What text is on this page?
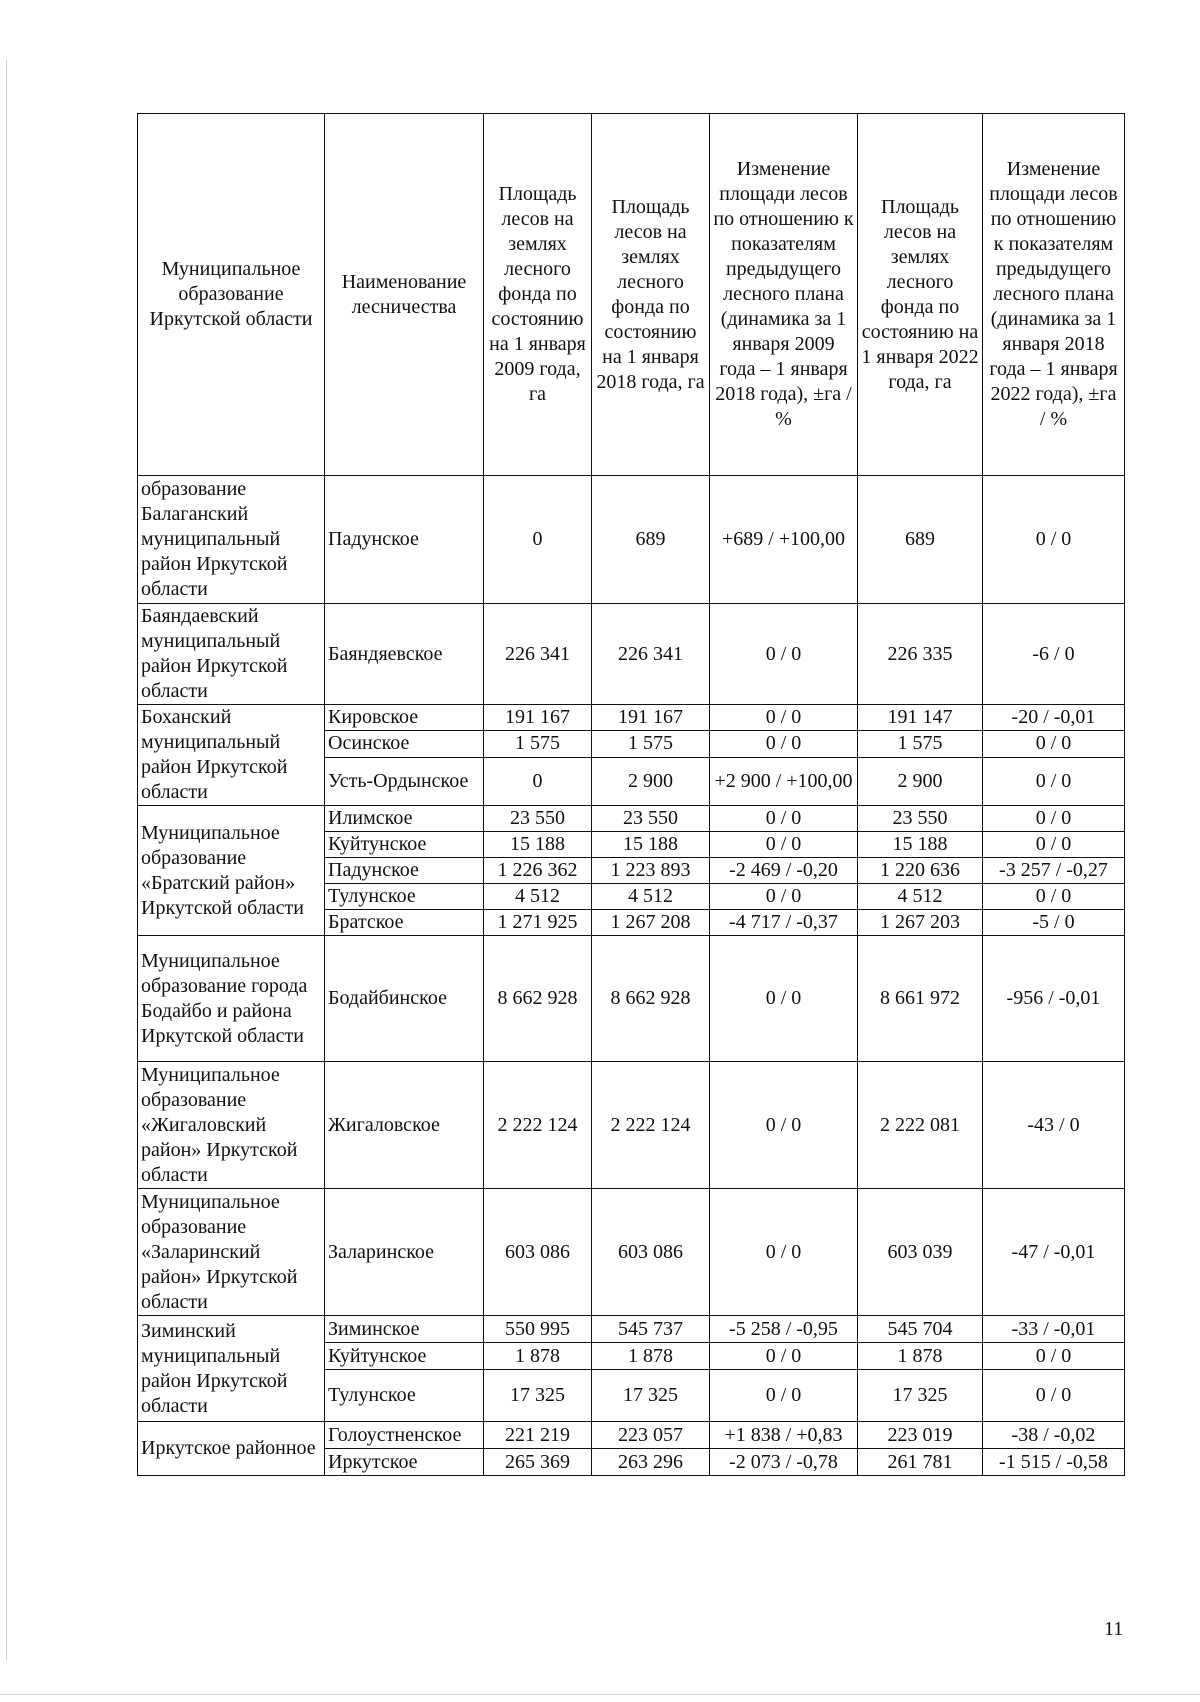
Муниципальное образование Иркутской области	Наименование лесничества	Площадь лесов на землях лесного фонда по состоянию на 1 января 2009 года, га	Площадь лесов на землях лесного фонда по состоянию на 1 января 2018 года, га	Изменение площади лесов по отношению к показателям предыдущего лесного плана (динамика за 1 января 2009 года – 1 января 2018 года), ±га / %	Площадь лесов на землях лесного фонда по состоянию на 1 января 2022 года, га	Изменение площади лесов по отношению к показателям предыдущего лесного плана (динамика за 1 января 2018 года – 1 января 2022 года), ±га / %
образование Балаганский муниципальный район Иркутской области	Падунское	0	689	+689 / +100,00	689	0 / 0
Баяндаевский муниципальный район Иркутской области	Баяндяевское	226 341	226 341	0 / 0	226 335	-6 / 0
Боханский муниципальный район Иркутской области	Кировское	191 167	191 167	0 / 0	191 147	-20 / -0,01
	Осинское	1 575	1 575	0 / 0	1 575	0 / 0
	Усть-Ордынское	0	2 900	+2 900 / +100,00	2 900	0 / 0
Муниципальное образование «Братский район» Иркутской области	Илимское	23 550	23 550	0 / 0	23 550	0 / 0
	Куйтунское	15 188	15 188	0 / 0	15 188	0 / 0
	Падунское	1 226 362	1 223 893	-2 469 / -0,20	1 220 636	-3 257 / -0,27
	Тулунское	4 512	4 512	0 / 0	4 512	0 / 0
	Братское	1 271 925	1 267 208	-4 717 / -0,37	1 267 203	-5 / 0
Муниципальное образование города Бодайбо и района Иркутской области	Бодайбинское	8 662 928	8 662 928	0 / 0	8 661 972	-956 / -0,01
Муниципальное образование «Жигаловский район» Иркутской области	Жигаловское	2 222 124	2 222 124	0 / 0	2 222 081	-43 / 0
Муниципальное образование «Заларинский район» Иркутской области	Заларинское	603 086	603 086	0 / 0	603 039	-47 / -0,01
Зиминский муниципальный район Иркутской области	Зиминское	550 995	545 737	-5 258 / -0,95	545 704	-33 / -0,01
	Куйтунское	1 878	1 878	0 / 0	1 878	0 / 0
	Тулунское	17 325	17 325	0 / 0	17 325	0 / 0
Иркутское районное	Голоустненское	221 219	223 057	+1 838 / +0,83	223 019	-38 / -0,02
	Иркутское	265 369	263 296	-2 073 / -0,78	261 781	-1 515 / -0,58
11
